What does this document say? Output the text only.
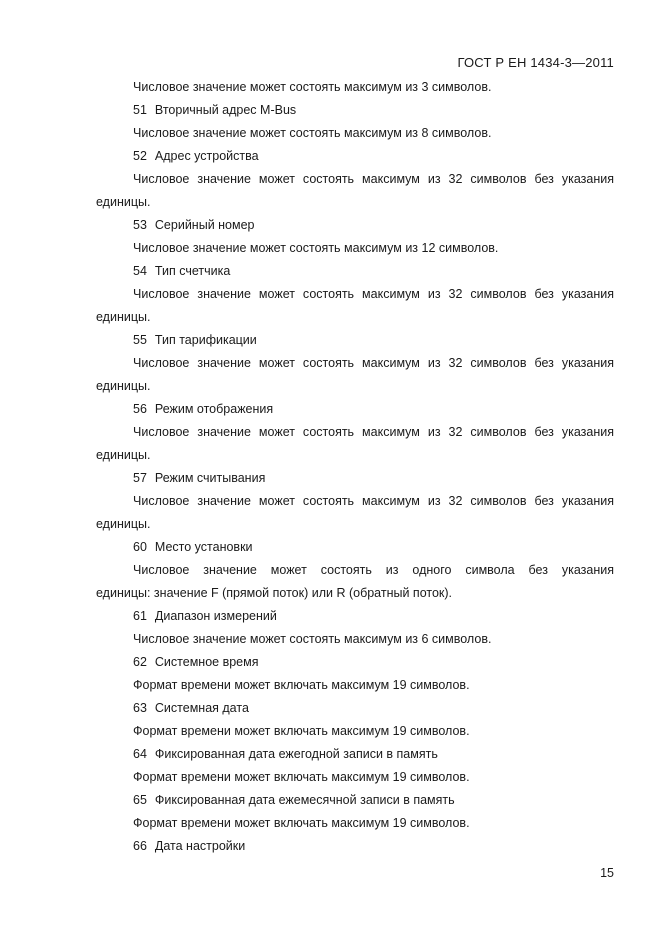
ГОСТ Р ЕН 1434-3—2011
Числовое значение может состоять максимум из 3 символов.
51 Вторичный адрес M-Bus
Числовое значение может состоять максимум из 8 символов.
52 Адрес устройства
Числовое значение может состоять максимум из 32 символов без указания
единицы.
53 Серийный номер
Числовое значение может состоять максимум из 12 символов.
54 Тип счетчика
Числовое значение может состоять максимум из 32 символов без указания
единицы.
55 Тип тарификации
Числовое значение может состоять максимум из 32 символов без указания
единицы.
56 Режим отображения
Числовое значение может состоять максимум из 32 символов без указания
единицы.
57 Режим считывания
Числовое значение может состоять максимум из 32 символов без указания
единицы.
60 Место установки
Числовое значение может состоять из одного символа без указания
единицы: значение F (прямой поток) или R (обратный поток).
61 Диапазон измерений
Числовое значение может состоять максимум из 6 символов.
62 Системное время
Формат времени может включать максимум 19 символов.
63 Системная дата
Формат времени может включать максимум 19 символов.
64 Фиксированная дата ежегодной записи в память
Формат времени может включать максимум 19 символов.
65 Фиксированная дата ежемесячной записи в память
Формат времени может включать максимум 19 символов.
66 Дата настройки
15
